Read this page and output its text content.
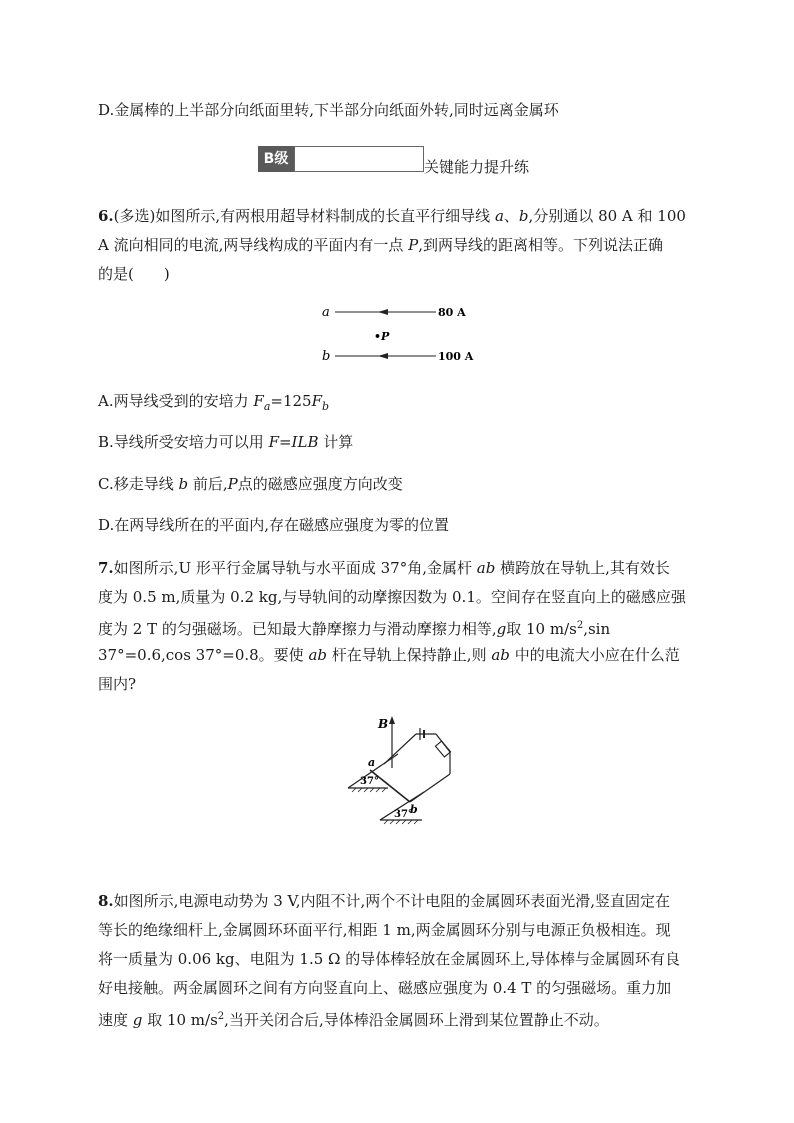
D.金属棒的上半部分向纸面里转,下半部分向纸面外转,同时远离金属环
B级	关键能力提升练
6.(多选)如图所示,有两根用超导材料制成的长直平行细导线 a、b,分别通以 80 A 和 100
A 流向相同的电流,两导线构成的平面内有一点 P,到两导线的距离相等。下列说法正确
的是(　　)
a	80 A
•P
b	100 A
A.两导线受到的安培力 $F_a=125F_b$
B.导线所受安培力可以用 F=ILB 计算
C.移走导线 b 前后,P点的磁感应强度方向改变
D.在两导线所在的平面内,存在磁感应强度为零的位置
7.如图所示,U 形平行金属导轨与水平面成 37°角,金属杆 ab 横跨放在导轨上,其有效长
度为 0.5 m,质量为 0.2 kg,与导轨间的动摩擦因数为 0.1。空间存在竖直向上的磁感应强
度为 2 T 的匀强磁场。已知最大静摩擦力与滑动摩擦力相等,g取 10 $m/s^2,\sin$
37°=0.6,cos 37°=0.8。要使 ab 杆在导轨上保持静止,则 ab 中的电流大小应在什么范
围内?
B
37°
a
b
37°
8.如图所示,电源电动势为 3 V,内阻不计,两个不计电阻的金属圆环表面光滑,竖直固定在
等长的绝缘细杆上,金属圆环环面平行,相距 1 m,两金属圆环分别与电源正负极相连。现
将一质量为 0.06 kg、电阻为 1.5 Ω 的导体棒轻放在金属圆环上,导体棒与金属圆环有良
好电接触。两金属圆环之间有方向竖直向上、磁感应强度为 0.4 T 的匀强磁场。重力加
速度 g 取 10 $m/s^2$,当开关闭合后,导体棒沿金属圆环上滑到某位置静止不动。
